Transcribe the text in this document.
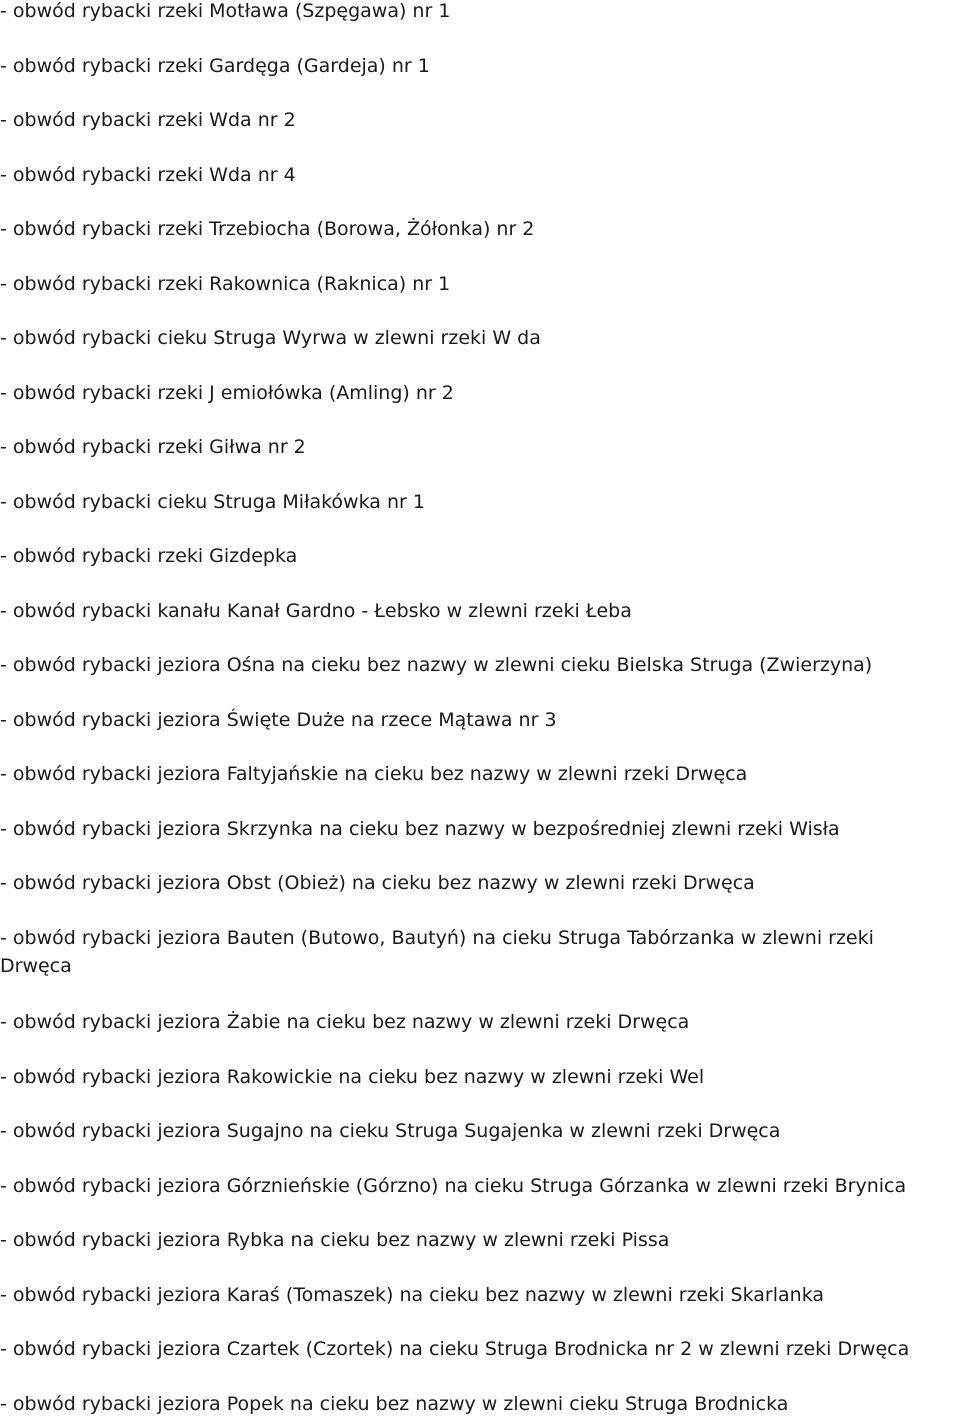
- obwód rybacki rzeki Motława (Szpęgawa) nr 1
- obwód rybacki rzeki Gardęga (Gardeja) nr 1
- obwód rybacki rzeki Wda nr 2
- obwód rybacki rzeki Wda nr 4
- obwód rybacki rzeki Trzebiocha (Borowa, Żółonka) nr 2
- obwód rybacki rzeki Rakownica (Raknica) nr 1
- obwód rybacki cieku Struga Wyrwa w zlewni rzeki W da
- obwód rybacki rzeki J emiołówka (Amling) nr 2
- obwód rybacki rzeki Giłwa nr 2
- obwód rybacki cieku Struga Miłakówka nr 1
- obwód rybacki rzeki Gizdepka
- obwód rybacki kanału Kanał Gardno - Łebsko w zlewni rzeki Łeba
- obwód rybacki jeziora Ośna na cieku bez nazwy w zlewni cieku Bielska Struga (Zwierzyna)
- obwód rybacki jeziora Święte Duże na rzece Mątawa nr 3
- obwód rybacki jeziora Faltyjańskie na cieku bez nazwy w zlewni rzeki Drwęca
- obwód rybacki jeziora Skrzynka na cieku bez nazwy w bezpośredniej zlewni rzeki Wisła
- obwód rybacki jeziora Obst (Obież) na cieku bez nazwy w zlewni rzeki Drwęca
- obwód rybacki jeziora Bauten (Butowo, Bautyń) na cieku Struga Tabórzanka w zlewni rzeki Drwęca
- obwód rybacki jeziora Żabie na cieku bez nazwy w zlewni rzeki Drwęca
- obwód rybacki jeziora Rakowickie na cieku bez nazwy w zlewni rzeki Wel
- obwód rybacki jeziora Sugajno na cieku Struga Sugajenka w zlewni rzeki Drwęca
- obwód rybacki jeziora Górznieńskie (Górzno) na cieku Struga Górzanka w zlewni rzeki Brynica
- obwód rybacki jeziora Rybka na cieku bez nazwy w zlewni rzeki Pissa
- obwód rybacki jeziora Karaś (Tomaszek) na cieku bez nazwy w zlewni rzeki Skarlanka
- obwód rybacki jeziora Czartek (Czortek) na cieku Struga Brodnicka nr 2 w zlewni rzeki Drwęca
- obwód rybacki jeziora Popek na cieku bez nazwy w zlewni cieku Struga Brodnicka
